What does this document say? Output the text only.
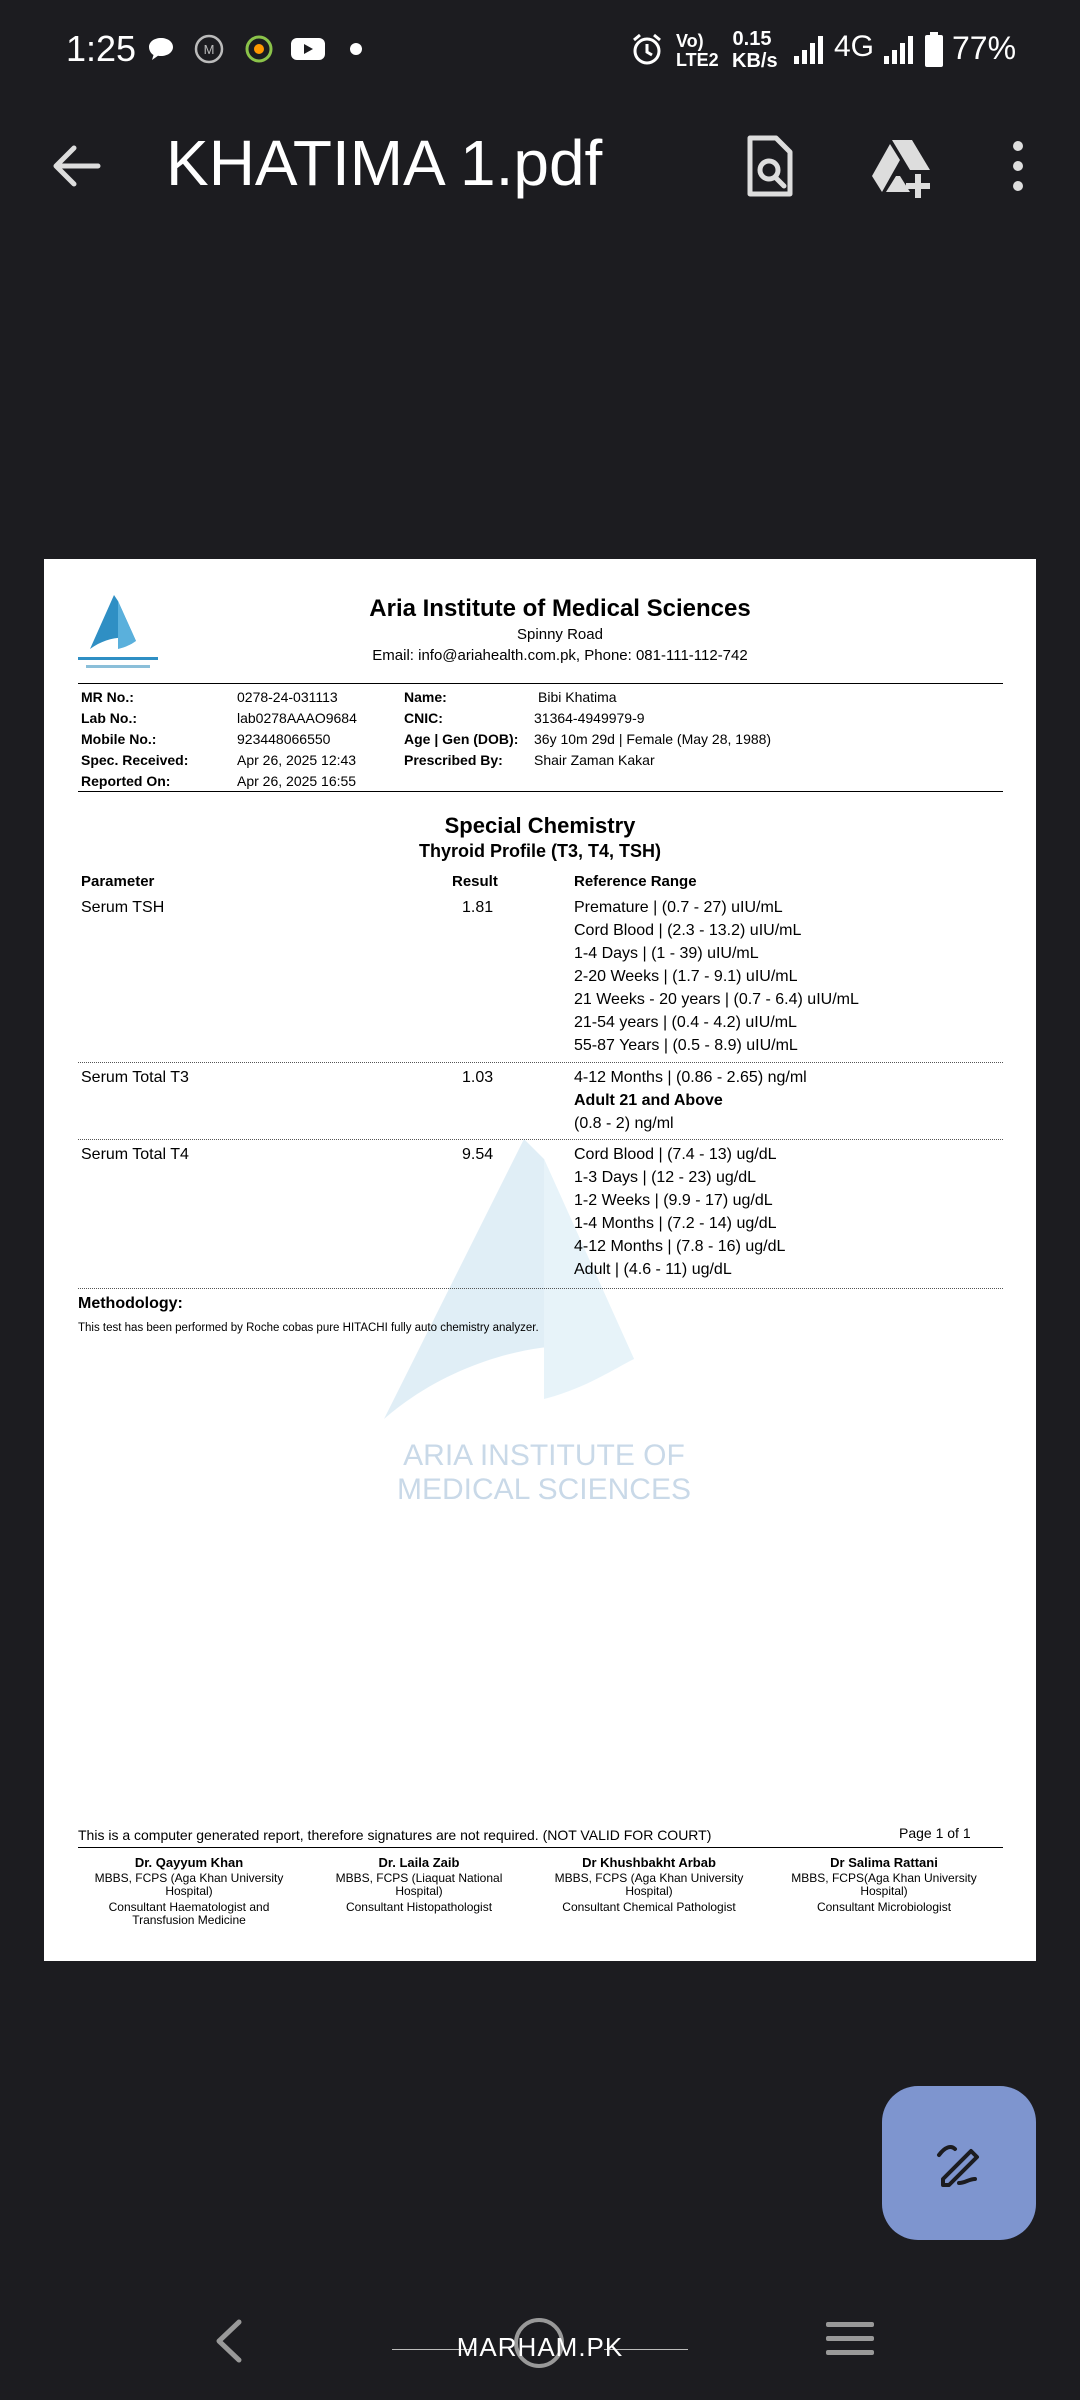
1:25	M	Vo) LTE2
0.15
KB/s 4G 77%
KHATIMA 1.pdf
ARIA INSTITUTE OF MEDICAL SCIENCES
Aria Institute of Medical Sciences
Spinny Road
Email: info@ariahealth.com.pk, Phone: 081-111-112-742
MR No.:	0278-24-031113
Lab No.:	lab0278AAAO9684
Mobile No.:	923448066550
Spec. Received:	Apr 26, 2025 12:43
Reported On:	Apr 26, 2025 16:55
Name:	Bibi Khatima
CNIC:	31364-4949979-9
Age | Gen (DOB): 36y 10m 29d | Female (May 28, 1988)
Prescribed By: Shair Zaman Kakar
Special Chemistry
Thyroid Profile (T3, T4, TSH)
Parameter	Result	Reference Range
Serum TSH	1.81	Premature | (0.7 - 27) uIU/mL
Cord Blood | (2.3 - 13.2) uIU/mL
1-4 Days | (1 - 39) uIU/mL
2-20 Weeks | (1.7 - 9.1) uIU/mL
21 Weeks - 20 years | (0.7 - 6.4) uIU/mL
21-54 years | (0.4 - 4.2) uIU/mL
55-87 Years | (0.5 - 8.9) uIU/mL
Serum Total T3	1.03	4-12 Months | (0.86 - 2.65) ng/ml
Adult 21 and Above
(0.8 - 2) ng/ml
Serum Total T4	9.54	Cord Blood | (7.4 - 13) ug/dL
1-3 Days | (12 - 23) ug/dL
1-2 Weeks | (9.9 - 17) ug/dL
1-4 Months | (7.2 - 14) ug/dL
4-12 Months | (7.8 - 16) ug/dL
Adult | (4.6 - 11) ug/dL
Methodology:
This test has been performed by Roche cobas pure HITACHI fully auto chemistry analyzer.
This is a computer generated report, therefore signatures are not required. (NOT VALID FOR COURT)	Page 1 of 1
Dr. Qayyum Khan
MBBS, FCPS (Aga Khan University Hospital)
Consultant Haematologist and Transfusion Medicine
Dr. Laila Zaib
MBBS, FCPS (Liaquat National Hospital)
Consultant Histopathologist
Dr Khushbakht Arbab
MBBS, FCPS (Aga Khan University Hospital)
Consultant Chemical Pathologist
Dr Salima Rattani
MBBS, FCPS(Aga Khan University Hospital)
Consultant Microbiologist
MARHAM.PK
